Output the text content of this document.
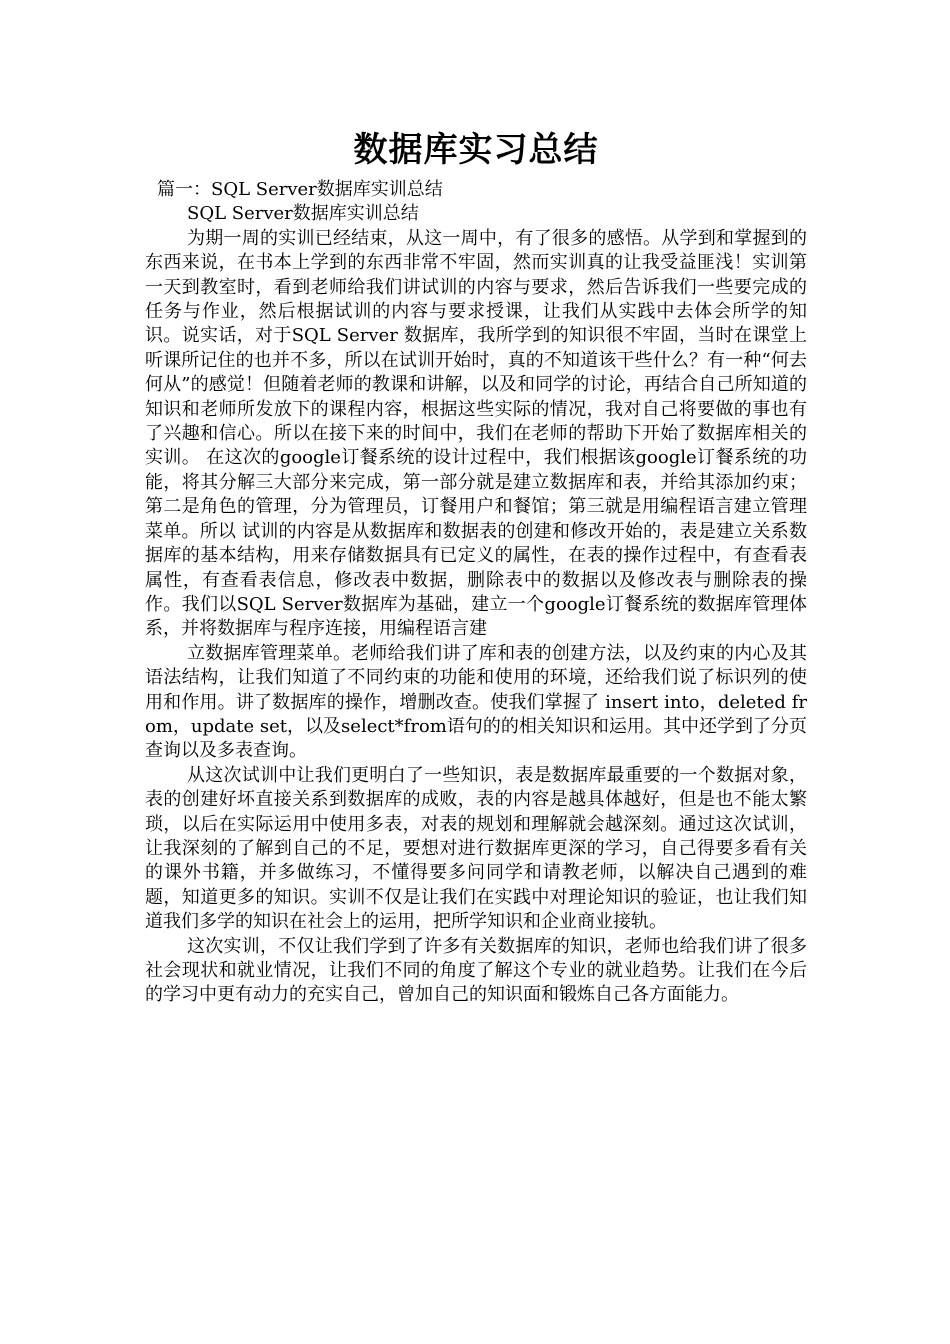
数据库实习总结

篇一：SQL Server数据库实训总结

SQL Server数据库实训总结

为期一周的实训已经结束，从这一周中，有了很多的感悟。从学到和掌握到的东西来说，在书本上学到的东西非常不牢固，然而实训真的让我受益匪浅！实训第一天到教室时，看到老师给我们讲试训的内容与要求，然后告诉我们一些要完成的任务与作业，然后根据试训的内容与要求授课，让我们从实践中去体会所学的知识。说实话，对于SQL Server 数据库，我所学到的知识很不牢固，当时在课堂上听课所记住的也并不多，所以在试训开始时，真的不知道该干些什么？有一种“何去何从”的感觉！但随着老师的教课和讲解，以及和同学的讨论，再结合自己所知道的知识和老师所发放下的课程内容，根据这些实际的情况，我对自己将要做的事也有了兴趣和信心。所以在接下来的时间中，我们在老师的帮助下开始了数据库相关的实训。 在这次的google订餐系统的设计过程中，我们根据该google订餐系统的功能，将其分解三大部分来完成，第一部分就是建立数据库和表，并给其添加约束；第二是角色的管理，分为管理员，订餐用户和餐馆；第三就是用编程语言建立管理菜单。所以 试训的内容是从数据库和数据表的创建和修改开始的，表是建立关系数据库的基本结构，用来存储数据具有已定义的属性，在表的操作过程中，有查看表属性，有查看表信息，修改表中数据，删除表中的数据以及修改表与删除表的操作。我们以SQL Server数据库为基础，建立一个google订餐系统的数据库管理体系，并将数据库与程序连接，用编程语言建

立数据库管理菜单。老师给我们讲了库和表的创建方法，以及约束的内心及其语法结构，让我们知道了不同约束的功能和使用的环境，还给我们说了标识列的使用和作用。讲了数据库的操作，增删改查。使我们掌握了 insert into，deleted from，update set，以及select*from语句的的相关知识和运用。其中还学到了分页查询以及多表查询。

从这次试训中让我们更明白了一些知识，表是数据库最重要的一个数据对象，表的创建好坏直接关系到数据库的成败，表的内容是越具体越好，但是也不能太繁琐，以后在实际运用中使用多表，对表的规划和理解就会越深刻。通过这次试训，让我深刻的了解到自己的不足，要想对进行数据库更深的学习，自己得要多看有关的课外书籍，并多做练习，不懂得要多问同学和请教老师，以解决自己遇到的难题，知道更多的知识。实训不仅是让我们在实践中对理论知识的验证，也让我们知道我们多学的知识在社会上的运用，把所学知识和企业商业接轨。

这次实训，不仅让我们学到了许多有关数据库的知识，老师也给我们讲了很多社会现状和就业情况，让我们不同的角度了解这个专业的就业趋势。让我们在今后的学习中更有动力的充实自己，曾加自己的知识面和锻炼自己各方面能力。
